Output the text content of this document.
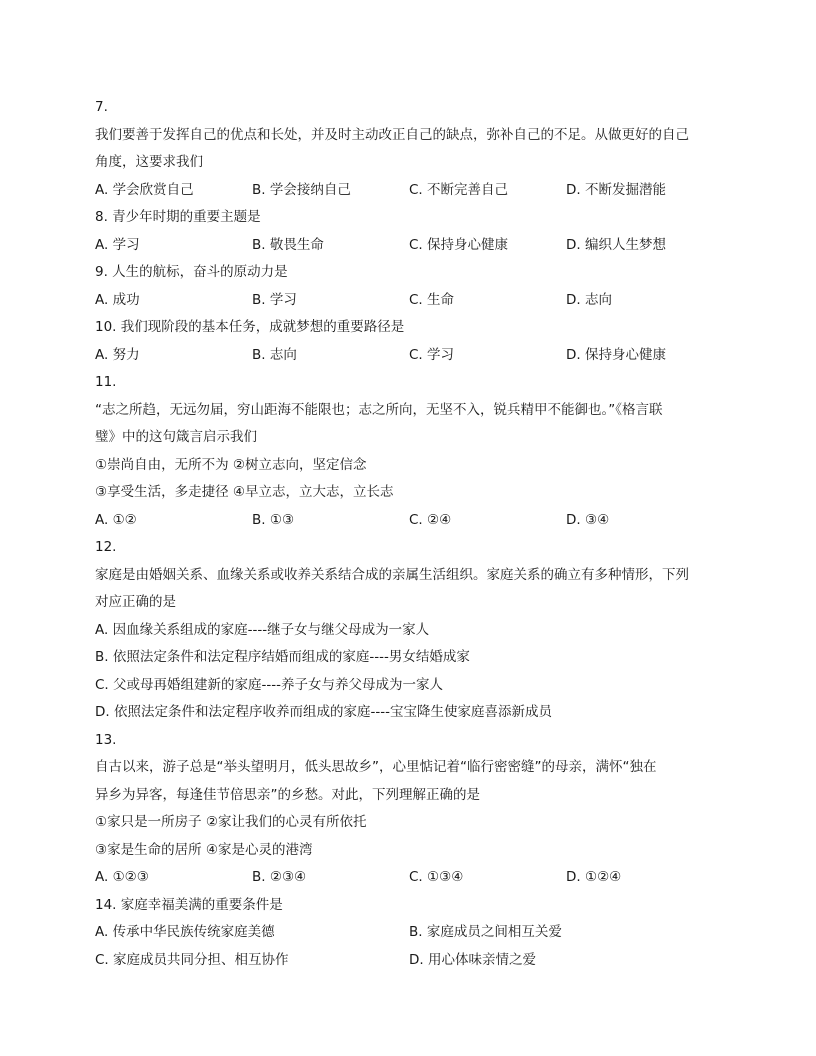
7.
我们要善于发挥自己的优点和长处，并及时主动改正自己的缺点，弥补自己的不足。从做更好的自己
角度，这要求我们
A. 学会欣赏自己	B. 学会接纳自己	C. 不断完善自己	D. 不断发掘潜能
8. 青少年时期的重要主题是
A. 学习	B. 敬畏生命	C. 保持身心健康	D. 编织人生梦想
9. 人生的航标，奋斗的原动力是
A. 成功	B. 学习	C. 生命	D. 志向
10. 我们现阶段的基本任务，成就梦想的重要路径是
A. 努力	B. 志向	C. 学习	D. 保持身心健康
11.
“志之所趋，无远勿届，穷山距海不能限也；志之所向，无坚不入，锐兵精甲不能御也。”《格言联
璧》中的这句箴言启示我们
①崇尚自由，无所不为 ②树立志向，坚定信念
③享受生活，多走捷径 ④早立志，立大志，立长志
A. ①②	B. ①③	C. ②④	D. ③④
12.
家庭是由婚姻关系、血缘关系或收养关系结合成的亲属生活组织。家庭关系的确立有多种情形，下列
对应正确的是
A. 因血缘关系组成的家庭----继子女与继父母成为一家人
B. 依照法定条件和法定程序结婚而组成的家庭----男女结婚成家
C. 父或母再婚组建新的家庭----养子女与养父母成为一家人
D. 依照法定条件和法定程序收养而组成的家庭----宝宝降生使家庭喜添新成员
13.
自古以来，游子总是“举头望明月，低头思故乡”，心里惦记着“临行密密缝”的母亲，满怀“独在
异乡为异客，每逢佳节倍思亲”的乡愁。对此，下列理解正确的是
①家只是一所房子 ②家让我们的心灵有所依托
③家是生命的居所 ④家是心灵的港湾
A. ①②③	B. ②③④	C. ①③④	D. ①②④
14. 家庭幸福美满的重要条件是
A. 传承中华民族传统家庭美德	B. 家庭成员之间相互关爱
C. 家庭成员共同分担、相互协作	D. 用心体味亲情之爱
